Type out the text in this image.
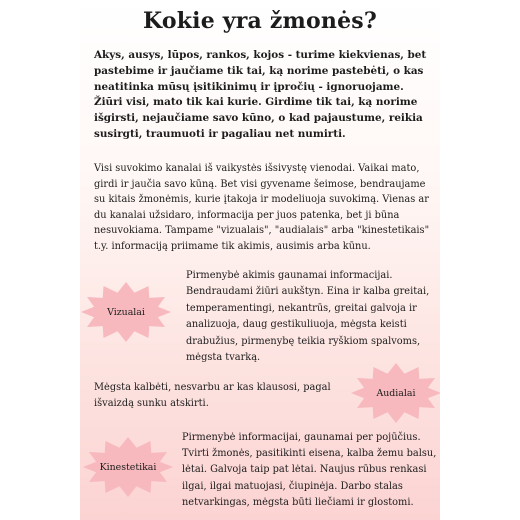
Kokie yra žmonės?
Akys, ausys, lūpos, rankos, kojos - turime kiekvienas, bet pastebime ir jaučiame tik tai, ką norime pastebėti, o kas neatitinka mūsų įsitikinimų ir įpročių - ignoruojame. Žiūri visi, mato tik kai kurie. Girdime tik tai, ką norime išgirsti, nejaučiame savo kūno, o kad pajaustume, reikia susirgti, traumuoti ir pagaliau net numirti.
Visi suvokimo kanalai iš vaikystės išsivystę vienodai. Vaikai mato, girdi ir jaučia savo kūną. Bet visi gyvename šeimose, bendraujame su kitais žmonėmis, kurie įtakoja ir modeliuoja suvokimą. Vienas ar du kanalai užsidaro, informacija per juos patenka, bet ji būna nesuvokiama. Tampame "vizualais", "audialais" arba "kinestetikais" t.y. informaciją priimame tik akimis, ausimis arba kūnu.
Vizualai
Pirmenybė akimis gaunamai informacijai. Bendraudami žiūri aukštyn. Eina ir kalba greitai, temperamentingi, nekantrūs, greitai galvoja ir analizuoja, daug gestikuliuoja, mėgsta keisti drabužius, pirmenybę teikia ryškiom spalvoms, mėgsta tvarką.
Mėgsta kalbėti, nesvarbu ar kas klausosi, pagal išvaizdą sunku atskirti.
Audialai
Kinestetikai
Pirmenybė informacijai, gaunamai per pojūčius. Tvirti žmonės, pasitikinti eisena, kalba žemu balsu, lėtai. Galvoja taip pat lėtai. Naujus rūbus renkasi ilgai, ilgai matuojasi, čiupinėja. Darbo stalas netvarkingas, mėgsta būti liečiami ir glostomi.
